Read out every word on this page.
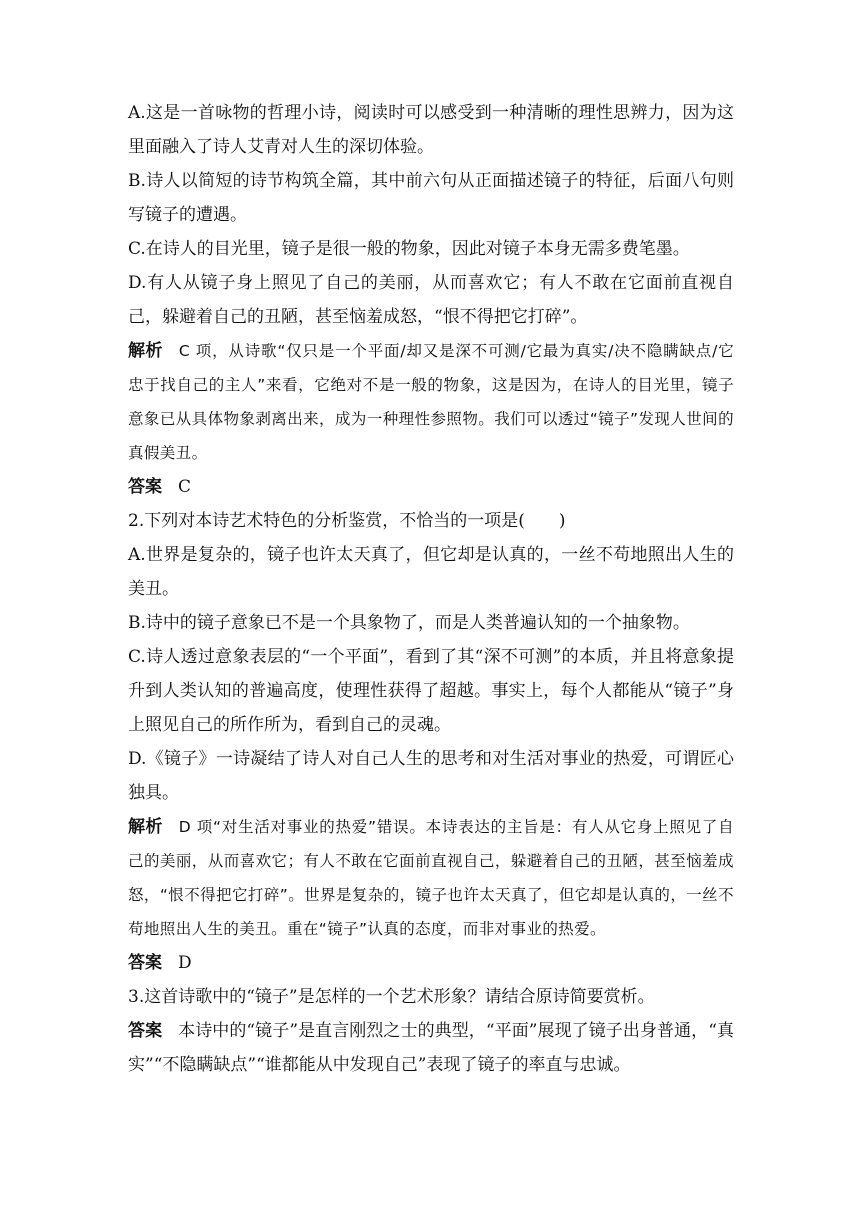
A.这是一首咏物的哲理小诗，阅读时可以感受到一种清晰的理性思辨力，因为这里面融入了诗人艾青对人生的深切体验。

B.诗人以简短的诗节构筑全篇，其中前六句从正面描述镜子的特征，后面八句则写镜子的遭遇。

C.在诗人的目光里，镜子是很一般的物象，因此对镜子本身无需多费笔墨。

D.有人从镜子身上照见了自己的美丽，从而喜欢它；有人不敢在它面前直视自己，躲避着自己的丑陋，甚至恼羞成怒，“恨不得把它打碎”。

解析 C 项，从诗歌“仅只是一个平面/却又是深不可测/它最为真实/决不隐瞒缺点/它忠于找自己的主人”来看，它绝对不是一般的物象，这是因为，在诗人的目光里，镜子意象已从具体物象剥离出来，成为一种理性参照物。我们可以透过“镜子”发现人世间的真假美丑。

答案 C

2.下列对本诗艺术特色的分析鉴赏，不恰当的一项是(　　)

A.世界是复杂的，镜子也许太天真了，但它却是认真的，一丝不苟地照出人生的美丑。

B.诗中的镜子意象已不是一个具象物了，而是人类普遍认知的一个抽象物。

C.诗人透过意象表层的“一个平面”，看到了其“深不可测”的本质，并且将意象提升到人类认知的普遍高度，使理性获得了超越。事实上，每个人都能从“镜子”身上照见自己的所作所为，看到自己的灵魂。

D.《镜子》一诗凝结了诗人对自己人生的思考和对生活对事业的热爱，可谓匠心独具。

解析 D 项“对生活对事业的热爱”错误。本诗表达的主旨是：有人从它身上照见了自己的美丽，从而喜欢它；有人不敢在它面前直视自己，躲避着自己的丑陋，甚至恼羞成怒，“恨不得把它打碎”。世界是复杂的，镜子也许太天真了，但它却是认真的，一丝不苟地照出人生的美丑。重在“镜子”认真的态度，而非对事业的热爱。

答案 D

3.这首诗歌中的“镜子”是怎样的一个艺术形象？请结合原诗简要赏析。

答案 本诗中的“镜子”是直言刚烈之士的典型，“平面”展现了镜子出身普通，“真实”“不隐瞒缺点”“谁都能从中发现自己”表现了镜子的率直与忠诚。
